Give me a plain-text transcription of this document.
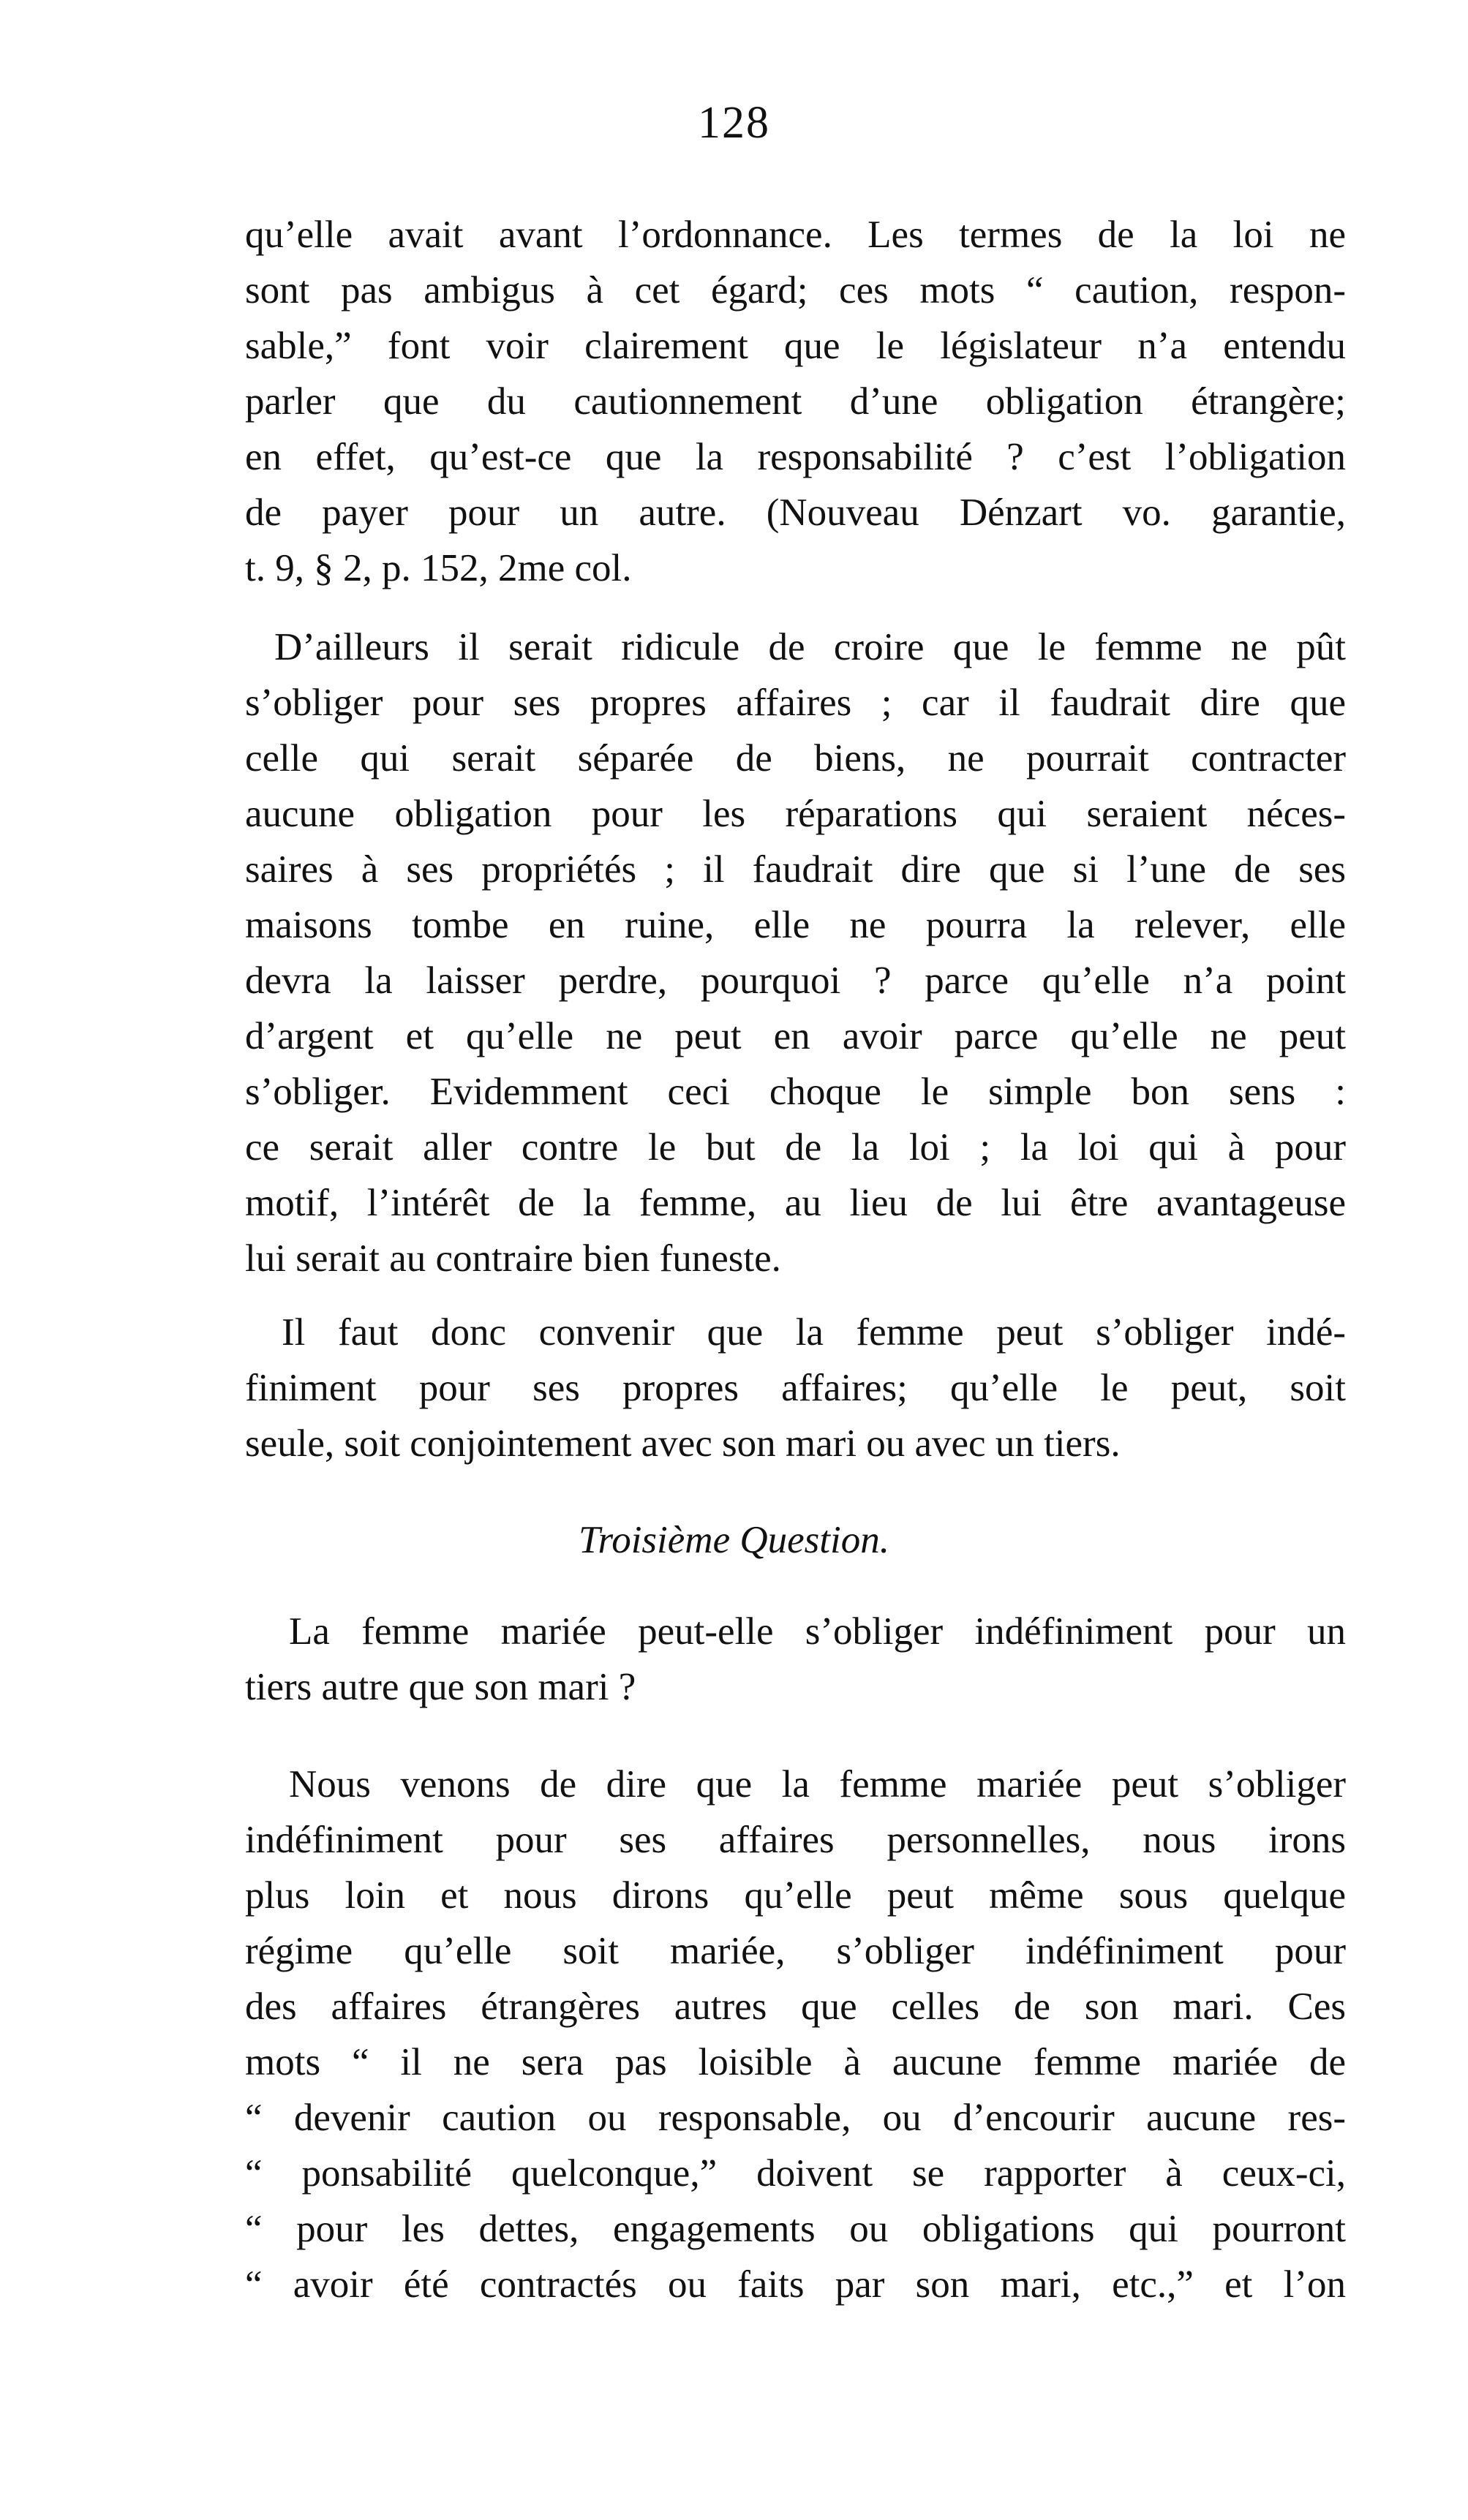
128
qu’elle avait avant l’ordonnance. Les termes de la loi ne
sont pas ambigus à cet égard; ces mots “ caution, respon-
sable,” font voir clairement que le législateur n’a entendu
parler que du cautionnement d’une obligation étrangère;
en effet, qu’est-ce que la responsabilité ? c’est l’obligation
de payer pour un autre. (Nouveau Dénzart vo. garantie,
t. 9, § 2, p. 152, 2me col.
D’ailleurs il serait ridicule de croire que le femme ne pût
s’obliger pour ses propres affaires ; car il faudrait dire que
celle qui serait séparée de biens, ne pourrait contracter
aucune obligation pour les réparations qui seraient néces-
saires à ses propriétés ; il faudrait dire que si l’une de ses
maisons tombe en ruine, elle ne pourra la relever, elle
devra la laisser perdre, pourquoi ? parce qu’elle n’a point
d’argent et qu’elle ne peut en avoir parce qu’elle ne peut
s’obliger. Evidemment ceci choque le simple bon sens :
ce serait aller contre le but de la loi ; la loi qui à pour
motif, l’intérêt de la femme, au lieu de lui être avantageuse
lui serait au contraire bien funeste.
Il faut donc convenir que la femme peut s’obliger indé-
finiment pour ses propres affaires; qu’elle le peut, soit
seule, soit conjointement avec son mari ou avec un tiers.
Troisième Question.
La femme mariée peut-elle s’obliger indéfiniment pour un
tiers autre que son mari ?
Nous venons de dire que la femme mariée peut s’obliger
indéfiniment pour ses affaires personnelles, nous irons
plus loin et nous dirons qu’elle peut même sous quelque
régime qu’elle soit mariée, s’obliger indéfiniment pour
des affaires étrangères autres que celles de son mari. Ces
mots “ il ne sera pas loisible à aucune femme mariée de
“ devenir caution ou responsable, ou d’encourir aucune res-
“ ponsabilité quelconque,” doivent se rapporter à ceux-ci,
“ pour les dettes, engagements ou obligations qui pourront
“ avoir été contractés ou faits par son mari, etc.,” et l’on
